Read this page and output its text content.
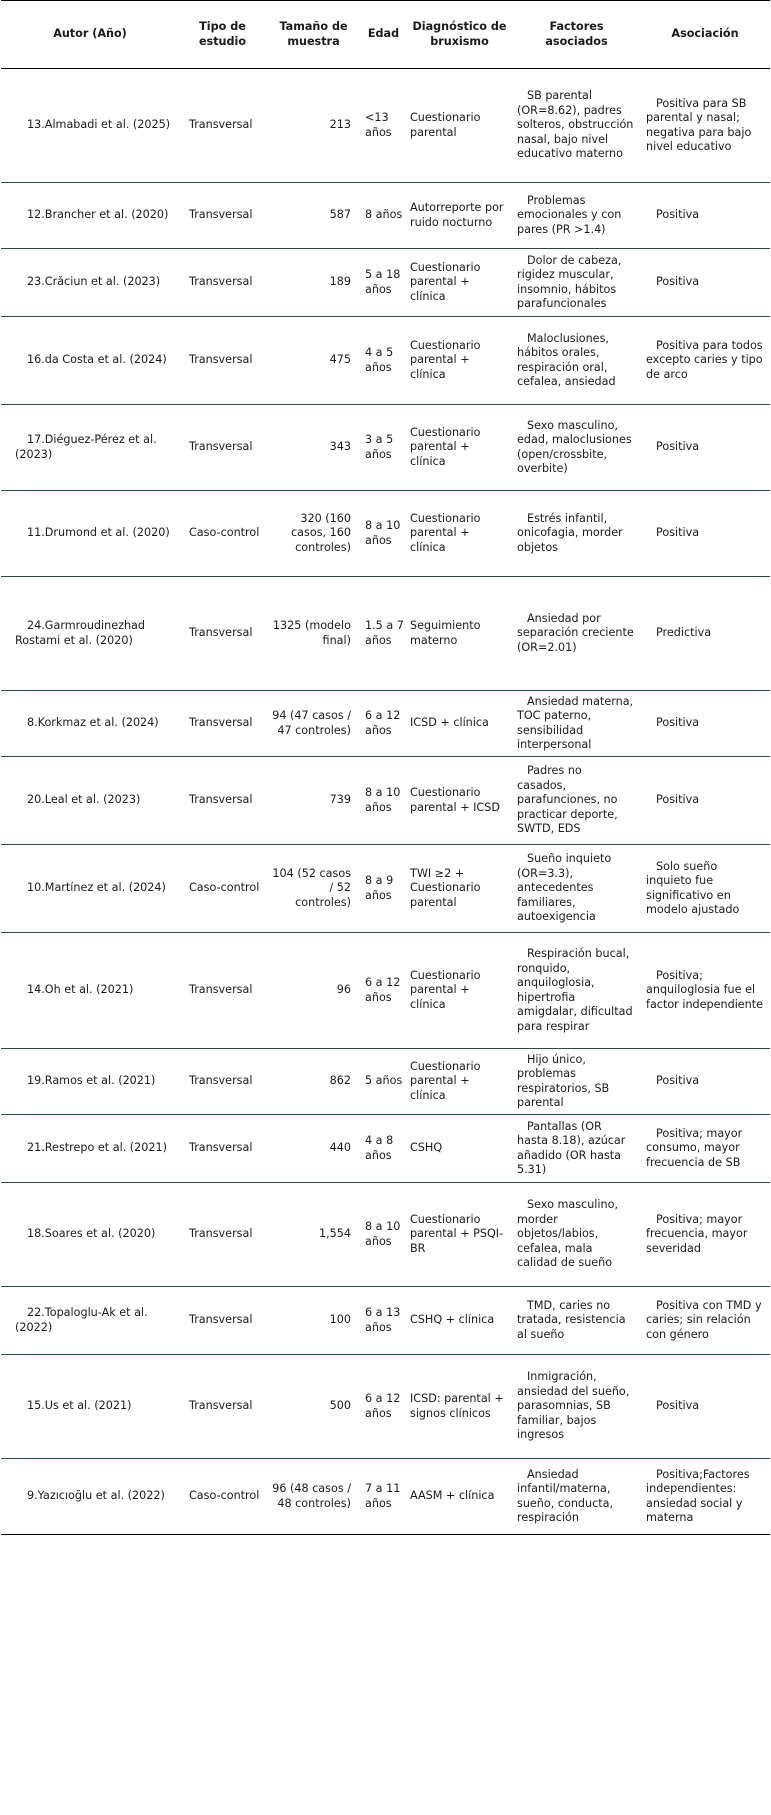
Autor (Año)	Tipo de estudio	Tamaño de muestra	Edad	Diagnóstico de bruxismo	Factores asociados	Asociación

13.Almabadi et al. (2025)	Transversal	213	<13 años	Cuestionario parental	SB parental (OR=8.62), padres solteros, obstrucción nasal, bajo nivel educativo materno	Positiva para SB parental y nasal; negativa para bajo nivel educativo

12.Brancher et al. (2020)	Transversal	587	8 años	Autorreporte por ruido nocturno	Problemas emocionales y con pares (PR >1.4)	Positiva

23.Crăciun et al. (2023)	Transversal	189	5 a 18 años	Cuestionario parental + clínica	Dolor de cabeza, rigidez muscular, insomnio, hábitos parafuncionales	Positiva

16.da Costa et al. (2024)	Transversal	475	4 a 5 años	Cuestionario parental + clínica	Maloclusiones, hábitos orales, respiración oral, cefalea, ansiedad	Positiva para todos excepto caries y tipo de arco

17.Diéguez-Pérez et al. (2023)	Transversal	343	3 a 5 años	Cuestionario parental + clínica	Sexo masculino, edad, maloclusiones (open/crossbite, overbite)	Positiva

11.Drumond et al. (2020)	Caso-control	320 (160 casos, 160 controles)	8 a 10 años	Cuestionario parental + clínica	Estrés infantil, onicofagia, morder objetos	Positiva

24.Garmroudinezhad Rostami et al. (2020)	Transversal	1325 (modelo final)	1.5 a 7 años	Seguimiento materno	Ansiedad por separación creciente (OR=2.01)	Predictiva

8.Korkmaz et al. (2024)	Transversal	94 (47 casos / 47 controles)	6 a 12 años	ICSD + clínica	Ansiedad materna, TOC paterno, sensibilidad interpersonal	Positiva

20.Leal et al. (2023)	Transversal	739	8 a 10 años	Cuestionario parental + ICSD	Padres no casados, parafunciones, no practicar deporte, SWTD, EDS	Positiva

10.Martínez et al. (2024)	Caso-control	104 (52 casos / 52 controles)	8 a 9 años	TWI ≥2 + Cuestionario parental	Sueño inquieto (OR=3.3), antecedentes familiares, autoexigencia	Solo sueño inquieto fue significativo en modelo ajustado

14.Oh et al. (2021)	Transversal	96	6 a 12 años	Cuestionario parental + clínica	Respiración bucal, ronquido, anquiloglosia, hipertrofia amigdalar, dificultad para respirar	Positiva; anquiloglosia fue el factor independiente

19.Ramos et al. (2021)	Transversal	862	5 años	Cuestionario parental + clínica	Hijo único, problemas respiratorios, SB parental	Positiva

21.Restrepo et al. (2021)	Transversal	440	4 a 8 años	CSHQ	Pantallas (OR hasta 8.18), azúcar añadido (OR hasta 5.31)	Positiva; mayor consumo, mayor frecuencia de SB

18.Soares et al. (2020)	Transversal	1,554	8 a 10 años	Cuestionario parental + PSQI-BR	Sexo masculino, morder objetos/labios, cefalea, mala calidad de sueño	Positiva; mayor frecuencia, mayor severidad

22.Topaloglu-Ak et al. (2022)	Transversal	100	6 a 13 años	CSHQ + clínica	TMD, caries no tratada, resistencia al sueño	Positiva con TMD y caries; sin relación con género

15.Us et al. (2021)	Transversal	500	6 a 12 años	ICSD: parental + signos clínicos	Inmigración, ansiedad del sueño, parasomnias, SB familiar, bajos ingresos	Positiva

9.Yazıcıoğlu et al. (2022)	Caso-control	96 (48 casos / 48 controles)	7 a 11 años	AASM + clínica	Ansiedad infantil/materna, sueño, conducta, respiración	Positiva;Factores independientes: ansiedad social y materna
